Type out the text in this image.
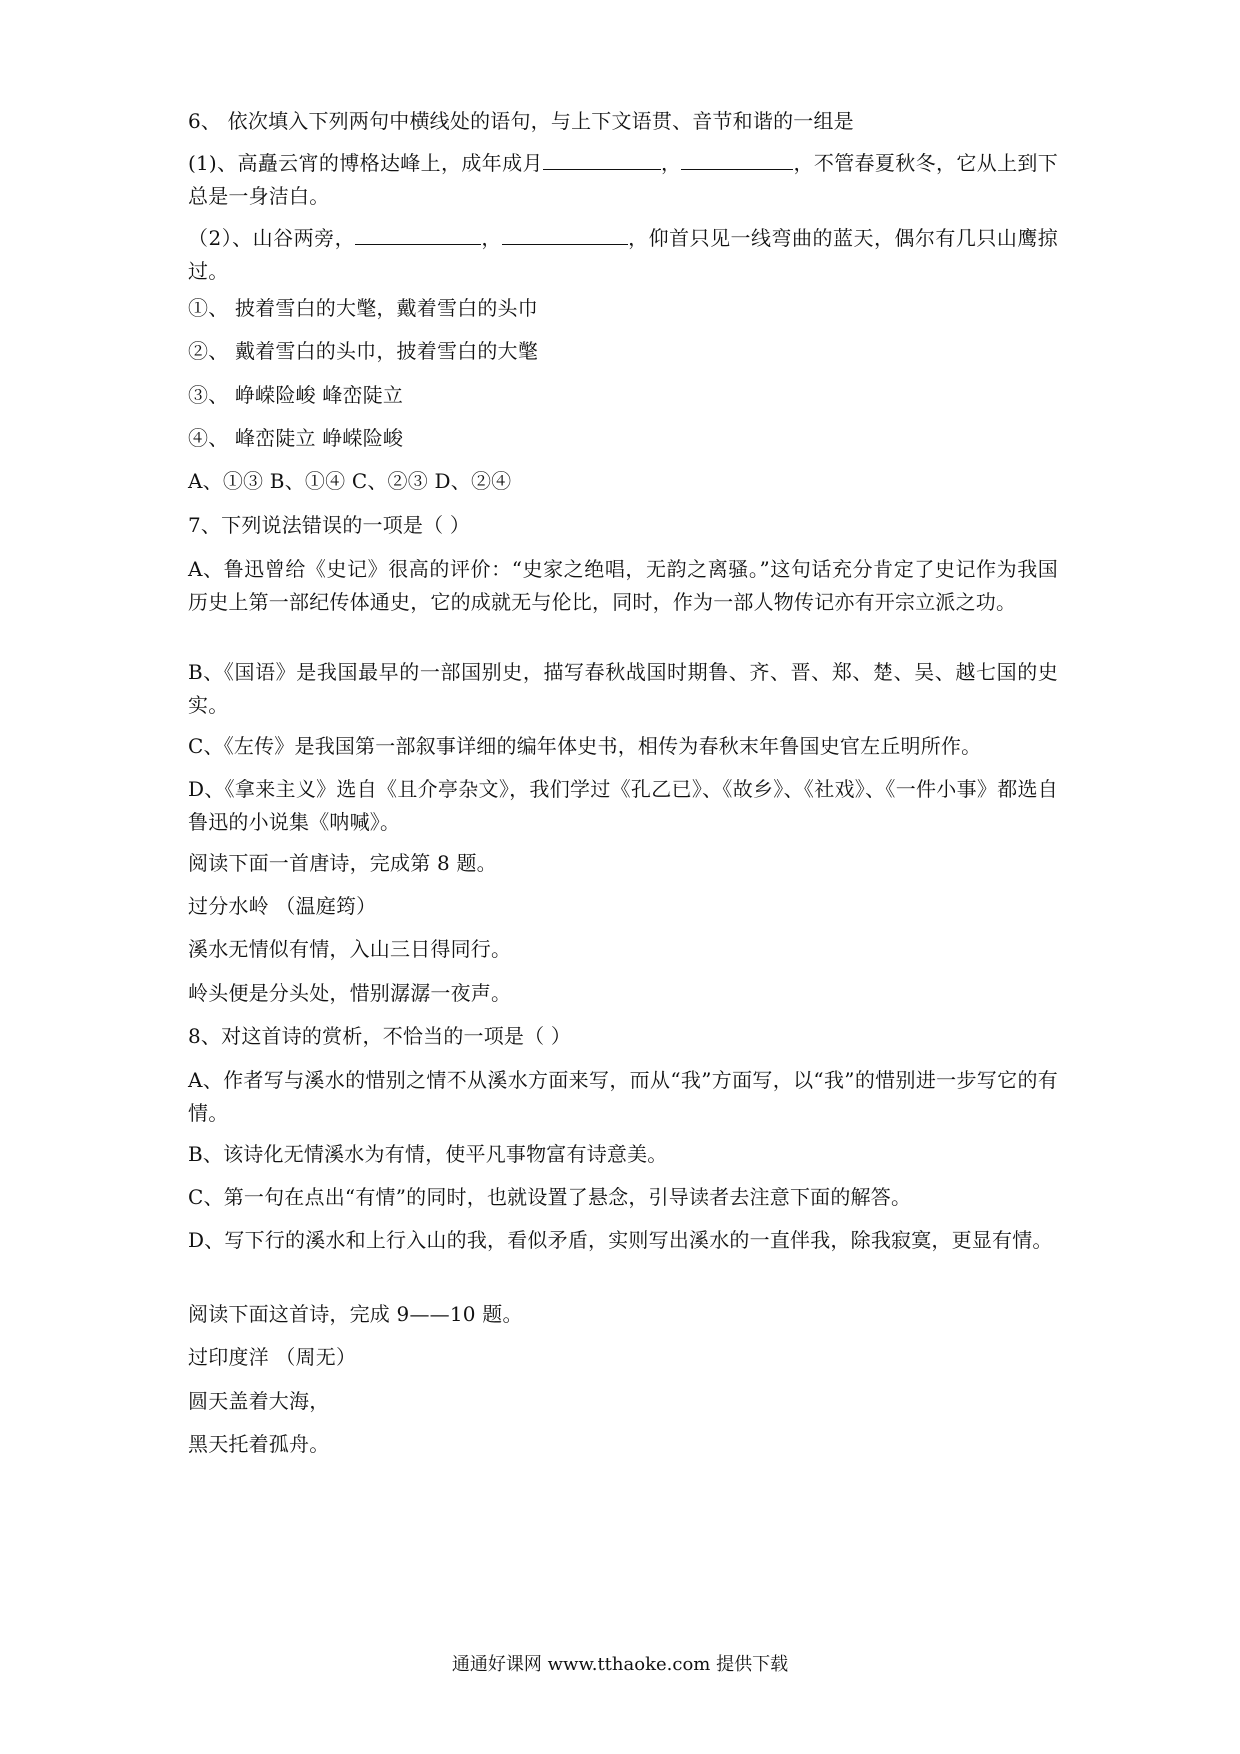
6、 依次填入下列两句中横线处的语句，与上下文语贯、音节和谐的一组是
(1)、高矗云宵的博格达峰上，成年成月	，	，不管春夏秋冬，它从上到下总是一身洁白。
（2）、山谷两旁，	，	，仰首只见一线弯曲的蓝天，偶尔有几只山鹰掠过。
①、 披着雪白的大氅，戴着雪白的头巾
②、 戴着雪白的头巾，披着雪白的大氅
③、 峥嵘险峻 峰峦陡立
④、 峰峦陡立 峥嵘险峻
A、①③ B、①④ C、②③ D、②④
7、下列说法错误的一项是（ ）
A、鲁迅曾给《史记》很高的评价：“史家之绝唱，无韵之离骚。”这句话充分肯定了史记作为我国历史上第一部纪传体通史，它的成就无与伦比，同时，作为一部人物传记亦有开宗立派之功。
B、《国语》是我国最早的一部国别史，描写春秋战国时期鲁、齐、晋、郑、楚、吴、越七国的史实。
C、《左传》是我国第一部叙事详细的编年体史书，相传为春秋末年鲁国史官左丘明所作。
D、《拿来主义》选自《且介亭杂文》，我们学过《孔乙已》、《故乡》、《社戏》、《一件小事》都选自鲁迅的小说集《呐喊》。
阅读下面一首唐诗，完成第 8 题。
过分水岭 （温庭筠）
溪水无情似有情，入山三日得同行。
岭头便是分头处，惜别潺潺一夜声。
8、对这首诗的赏析，不恰当的一项是（ ）
A、作者写与溪水的惜别之情不从溪水方面来写，而从“我”方面写，以“我”的惜别进一步写它的有情。
B、该诗化无情溪水为有情，使平凡事物富有诗意美。
C、第一句在点出“有情”的同时，也就设置了悬念，引导读者去注意下面的解答。
D、写下行的溪水和上行入山的我，看似矛盾，实则写出溪水的一直伴我，除我寂寞，更显有情。
阅读下面这首诗，完成 9——10 题。
过印度洋 （周无）
圆天盖着大海，
黑天托着孤舟。
通通好课网 www.tthaoke.com 提供下载
